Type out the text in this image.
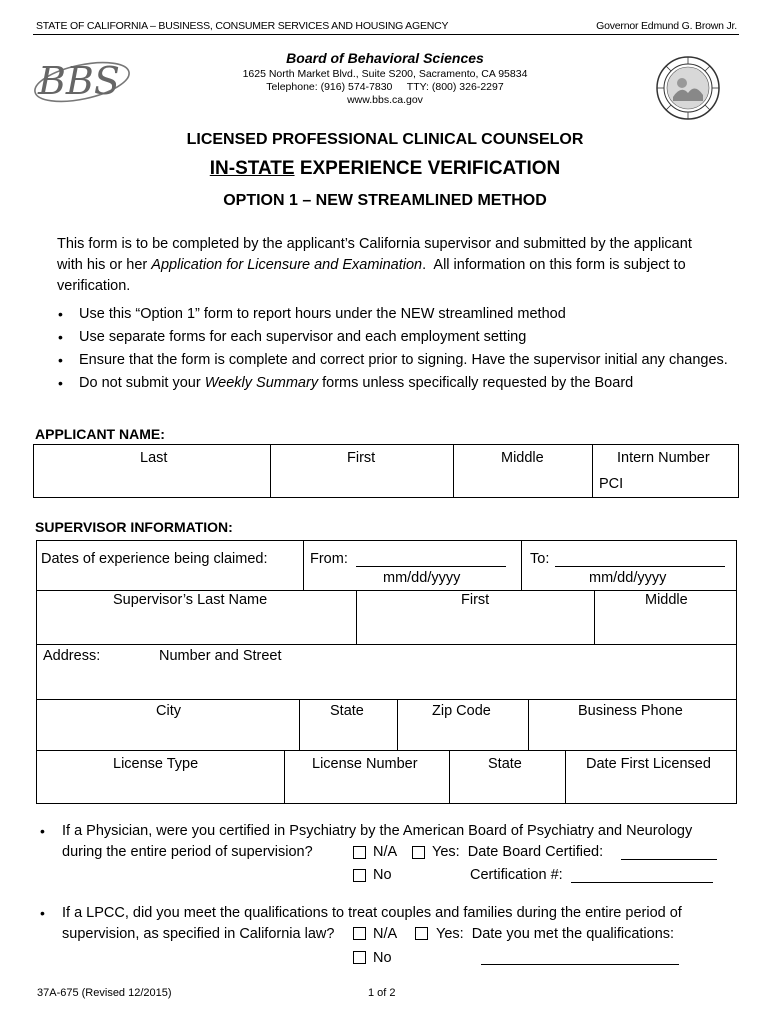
STATE OF CALIFORNIA – BUSINESS, CONSUMER SERVICES AND HOUSING AGENCY	Governor Edmund G. Brown Jr.
BBS
Board of Behavioral Sciences
1625 North Market Blvd., Suite S200, Sacramento, CA 95834
Telephone: (916) 574-7830     TTY: (800) 326-2297
www.bbs.ca.gov
LICENSED PROFESSIONAL CLINICAL COUNSELOR
IN-STATE EXPERIENCE VERIFICATION
OPTION 1 – NEW STREAMLINED METHOD
This form is to be completed by the applicant’s California supervisor and submitted by the applicant
with his or her Application for Licensure and Examination.  All information on this form is subject to
verification.
• Use this “Option 1” form to report hours under the NEW streamlined method
• Use separate forms for each supervisor and each employment setting
• Ensure that the form is complete and correct prior to signing. Have the supervisor initial any changes.
• Do not submit your Weekly Summary forms unless specifically requested by the Board
APPLICANT NAME:
Last	First	Middle	Intern Number
PCI
SUPERVISOR INFORMATION:
Dates of experience being claimed:	From:
mm/dd/yyyy
To:
mm/dd/yyyy
Supervisor’s Last Name	First	Middle
Address:	Number and Street
City	State	Zip Code	Business Phone
License Type	License Number	State	Date First Licensed
• If a Physician, were you certified in Psychiatry by the American Board of Psychiatry and Neurology
during the entire period of supervision?	N/A Yes:  Date Board Certified:
No	Certification #:
• If a LPCC, did you meet the qualifications to treat couples and families during the entire period of
supervision, as specified in California law?	N/A	Yes:  Date you met the qualifications:
No
37A-675 (Revised 12/2015)	1 of 2
